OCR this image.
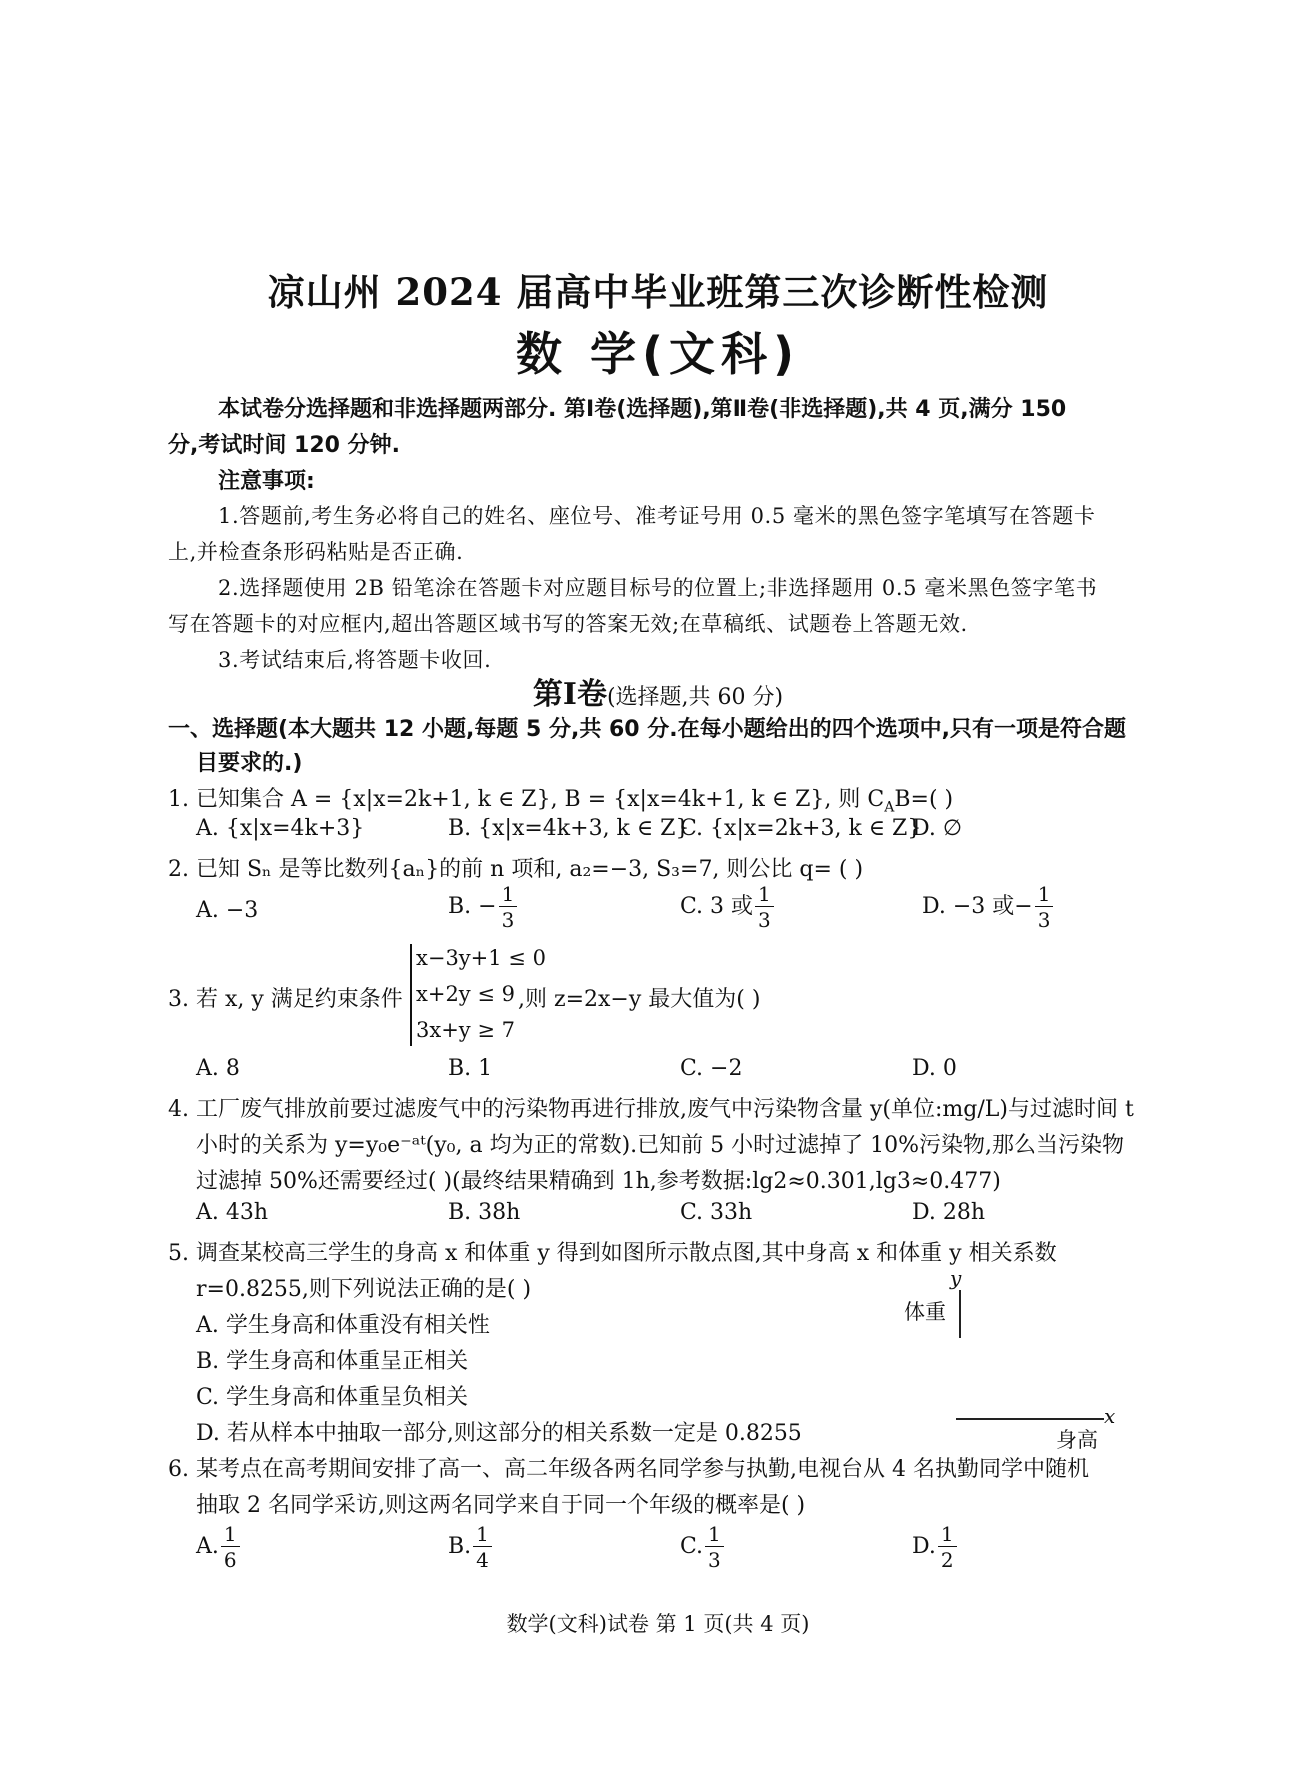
凉山州 2024 届高中毕业班第三次诊断性检测
数 学(文科)
本试卷分选择题和非选择题两部分. 第Ⅰ卷(选择题),第Ⅱ卷(非选择题),共 4 页,满分 150
分,考试时间 120 分钟.
注意事项:
1.答题前,考生务必将自己的姓名、座位号、准考证号用 0.5 毫米的黑色签字笔填写在答题卡
上,并检查条形码粘贴是否正确.
2.选择题使用 2B 铅笔涂在答题卡对应题目标号的位置上;非选择题用 0.5 毫米黑色签字笔书
写在答题卡的对应框内,超出答题区域书写的答案无效;在草稿纸、试题卷上答题无效.
3.考试结束后,将答题卡收回.
第Ⅰ卷(选择题,共 60 分)
一、选择题(本大题共 12 小题,每题 5 分,共 60 分.在每小题给出的四个选项中,只有一项是符合题
目要求的.)
1. 已知集合 A = {x|x=2k+1, k ∈ Z}, B = {x|x=4k+1, k ∈ Z}, 则 $C_AB=$( )
A. {x|x=4k+3}	B. {x|x=4k+3, k ∈ Z}
C. {x|x=2k+3, k ∈ Z}
D. ∅
2. 已知 Sₙ 是等比数列{aₙ}的前 n 项和, a₂=−3, S₃=7, 则公比 q= ( )
A. −3	B. − $\frac{1}{3}$	C. 3 或 $\frac{1}{3}$	D. −3 或− $\frac{1}{3}$
3. 若 x, y 满足约束条件
x−3y+1 ≤ 0
x+2y ≤ 9
3x+y ≥ 7
,则 z=2x−y 最大值为( )
A. 8	B. 1	C. −2	D. 0
4. 工厂废气排放前要过滤废气中的污染物再进行排放,废气中污染物含量 y(单位:mg/L)与过滤时间 t
小时的关系为 y=y₀e⁻ᵃᵗ(y₀, a 均为正的常数).已知前 5 小时过滤掉了 10%污染物,那么当污染物
过滤掉 50%还需要经过( )(最终结果精确到 1h,参考数据:lg2≈0.301,lg3≈0.477)
A. 43h	B. 38h	C. 33h	D. 28h
5. 调查某校高三学生的身高 x 和体重 y 得到如图所示散点图,其中身高 x 和体重 y 相关系数
r=0.8255,则下列说法正确的是( )
A. 学生身高和体重没有相关性
B. 学生身高和体重呈正相关
C. 学生身高和体重呈负相关
D. 若从样本中抽取一部分,则这部分的相关系数一定是 0.8255
y
体重
x
身高
6. 某考点在高考期间安排了高一、高二年级各两名同学参与执勤,电视台从 4 名执勤同学中随机
抽取 2 名同学采访,则这两名同学来自于同一个年级的概率是( )
A. $\frac{1}{6}$	B. $\frac{1}{4}$	C. $\frac{1}{3}$	D. $\frac{1}{2}$
数学(文科)试卷 第 1 页(共 4 页)
